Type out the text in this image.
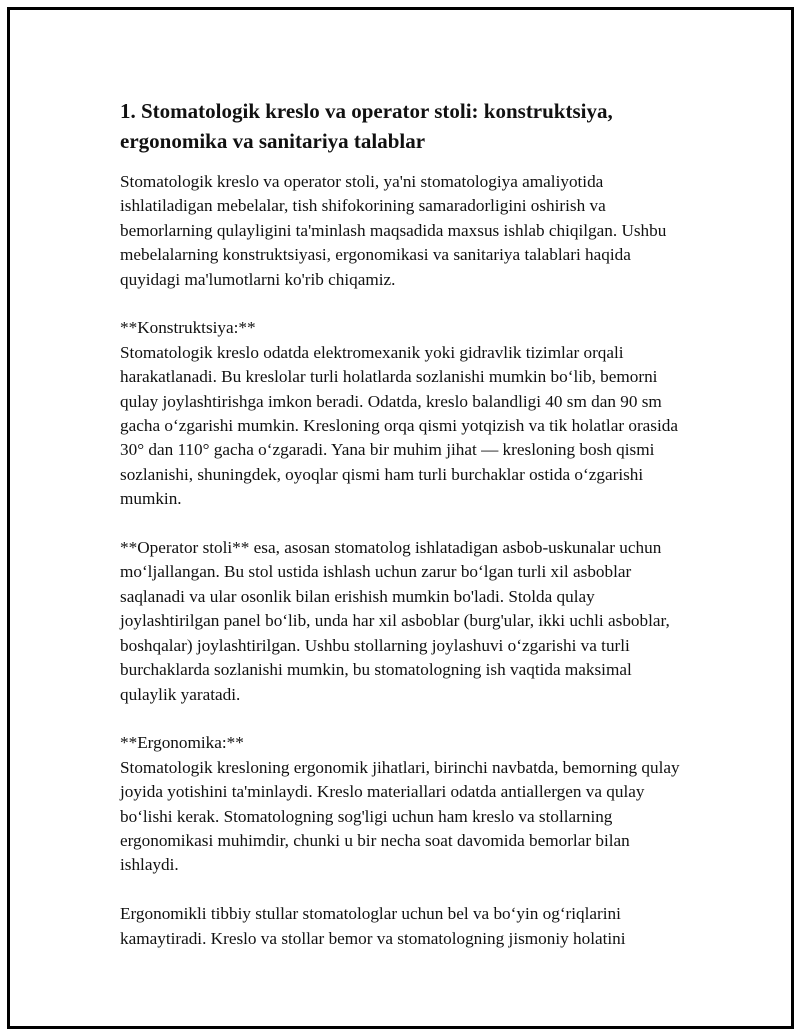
1. Stomatologik kreslo va operator stoli: konstruktsiya, ergonomika va sanitariya talablar

Stomatologik kreslo va operator stoli, ya'ni stomatologiya amaliyotida ishlatiladigan mebelalar, tish shifokorining samaradorligini oshirish va bemorlarning qulayligini ta'minlash maqsadida maxsus ishlab chiqilgan. Ushbu mebelalarning konstruktsiyasi, ergonomikasi va sanitariya talablari haqida quyidagi ma'lumotlarni ko'rib chiqamiz.

**Konstruktsiya:**
Stomatologik kreslo odatda elektromexanik yoki gidravlik tizimlar orqali harakatlanadi. Bu kreslolar turli holatlarda sozlanishi mumkin bo‘lib, bemorni qulay joylashtirishga imkon beradi. Odatda, kreslo balandligi 40 sm dan 90 sm gacha o‘zgarishi mumkin. Kresloning orqa qismi yotqizish va tik holatlar orasida 30° dan 110° gacha o‘zgaradi. Yana bir muhim jihat — kresloning bosh qismi sozlanishi, shuningdek, oyoqlar qismi ham turli burchaklar ostida o‘zgarishi mumkin.

**Operator stoli** esa, asosan stomatolog ishlatadigan asbob-uskunalar uchun mo‘ljallangan. Bu stol ustida ishlash uchun zarur bo‘lgan turli xil asboblar saqlanadi va ular osonlik bilan erishish mumkin bo'ladi. Stolda qulay joylashtirilgan panel bo‘lib, unda har xil asboblar (burg'ular, ikki uchli asboblar, boshqalar) joylashtirilgan. Ushbu stollarning joylashuvi o‘zgarishi va turli burchaklarda sozlanishi mumkin, bu stomatologning ish vaqtida maksimal qulaylik yaratadi.

**Ergonomika:**
Stomatologik kresloning ergonomik jihatlari, birinchi navbatda, bemorning qulay joyida yotishini ta'minlaydi. Kreslo materiallari odatda antiallergen va qulay bo‘lishi kerak. Stomatologning sog'ligi uchun ham kreslo va stollarning ergonomikasi muhimdir, chunki u bir necha soat davomida bemorlar bilan ishlaydi.

Ergonomikli tibbiy stullar stomatologlar uchun bel va bo‘yin og‘riqlarini kamaytiradi. Kreslo va stollar bemor va stomatologning jismoniy holatini
